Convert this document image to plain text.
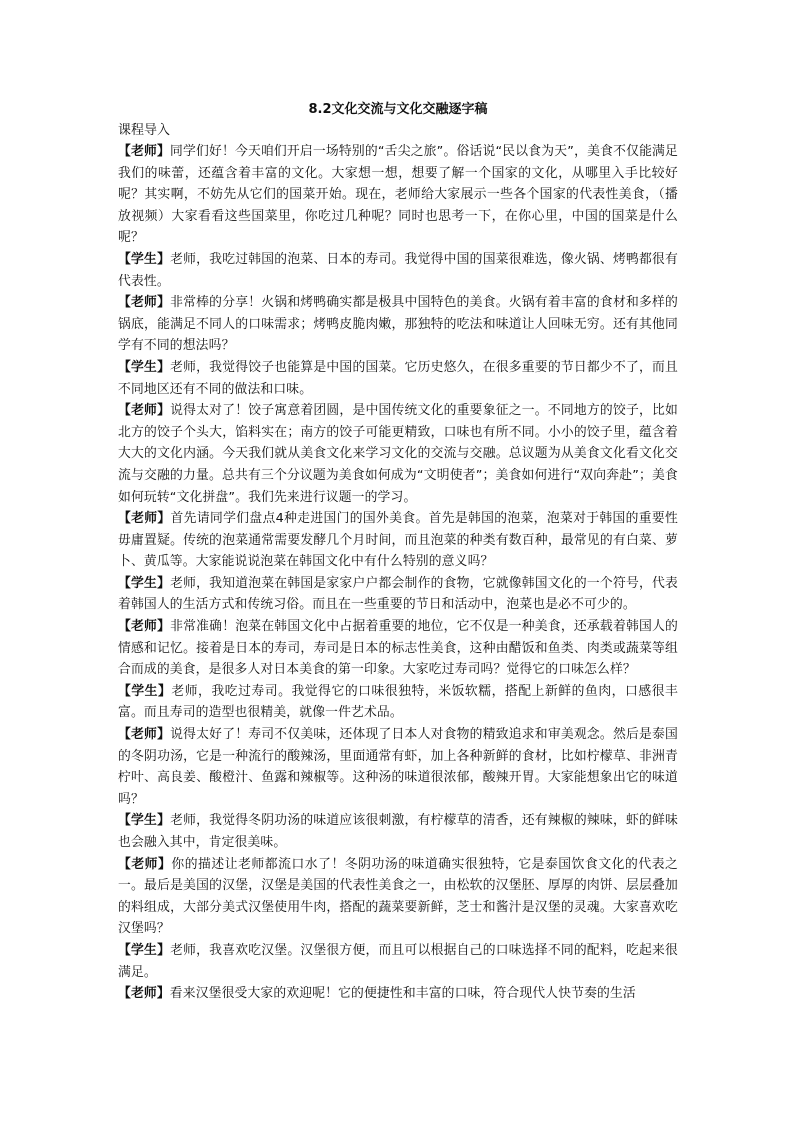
8.2文化交流与文化交融逐字稿
课程导入

【老师】同学们好！今天咱们开启一场特别的“舌尖之旅”。俗话说“民以食为天”，美食不仅能满足我们的味蕾，还蕴含着丰富的文化。大家想一想，想要了解一个国家的文化，从哪里入手比较好呢？其实啊，不妨先从它们的国菜开始。现在，老师给大家展示一些各个国家的代表性美食，（播放视频）大家看看这些国菜里，你吃过几种呢？同时也思考一下，在你心里，中国的国菜是什么呢？

【学生】老师，我吃过韩国的泡菜、日本的寿司。我觉得中国的国菜很难选，像火锅、烤鸭都很有代表性。

【老师】非常棒的分享！火锅和烤鸭确实都是极具中国特色的美食。火锅有着丰富的食材和多样的锅底，能满足不同人的口味需求；烤鸭皮脆肉嫩，那独特的吃法和味道让人回味无穷。还有其他同学有不同的想法吗？

【学生】老师，我觉得饺子也能算是中国的国菜。它历史悠久，在很多重要的节日都少不了，而且不同地区还有不同的做法和口味。

【老师】说得太对了！饺子寓意着团圆，是中国传统文化的重要象征之一。不同地方的饺子，比如北方的饺子个头大，馅料实在；南方的饺子可能更精致，口味也有所不同。小小的饺子里，蕴含着大大的文化内涵。今天我们就从美食文化来学习文化的交流与交融。总议题为从美食文化看文化交流与交融的力量。总共有三个分议题为美食如何成为“文明使者”；美食如何进行“双向奔赴”；美食如何玩转“文化拼盘”。我们先来进行议题一的学习。

【老师】首先请同学们盘点4种走进国门的国外美食。首先是韩国的泡菜，泡菜对于韩国的重要性毋庸置疑。传统的泡菜通常需要发酵几个月时间，而且泡菜的种类有数百种，最常见的有白菜、萝卜、黄瓜等。大家能说说泡菜在韩国文化中有什么特别的意义吗？

【学生】老师，我知道泡菜在韩国是家家户户都会制作的食物，它就像韩国文化的一个符号，代表着韩国人的生活方式和传统习俗。而且在一些重要的节日和活动中，泡菜也是必不可少的。

【老师】非常准确！泡菜在韩国文化中占据着重要的地位，它不仅是一种美食，还承载着韩国人的情感和记忆。接着是日本的寿司，寿司是日本的标志性美食，这种由醋饭和鱼类、肉类或蔬菜等组合而成的美食，是很多人对日本美食的第一印象。大家吃过寿司吗？觉得它的口味怎么样？

【学生】老师，我吃过寿司。我觉得它的口味很独特，米饭软糯，搭配上新鲜的鱼肉，口感很丰富。而且寿司的造型也很精美，就像一件艺术品。

【老师】说得太好了！寿司不仅美味，还体现了日本人对食物的精致追求和审美观念。然后是泰国的冬阴功汤，它是一种流行的酸辣汤，里面通常有虾，加上各种新鲜的食材，比如柠檬草、非洲青柠叶、高良姜、酸橙汁、鱼露和辣椒等。这种汤的味道很浓郁，酸辣开胃。大家能想象出它的味道吗？

【学生】老师，我觉得冬阴功汤的味道应该很刺激，有柠檬草的清香，还有辣椒的辣味，虾的鲜味也会融入其中，肯定很美味。

【老师】你的描述让老师都流口水了！冬阴功汤的味道确实很独特，它是泰国饮食文化的代表之一。最后是美国的汉堡，汉堡是美国的代表性美食之一，由松软的汉堡胚、厚厚的肉饼、层层叠加的料组成，大部分美式汉堡使用牛肉，搭配的蔬菜要新鲜，芝士和酱汁是汉堡的灵魂。大家喜欢吃汉堡吗？

【学生】老师，我喜欢吃汉堡。汉堡很方便，而且可以根据自己的口味选择不同的配料，吃起来很满足。

【老师】看来汉堡很受大家的欢迎呢！它的便捷性和丰富的口味，符合现代人快节奏的生活
